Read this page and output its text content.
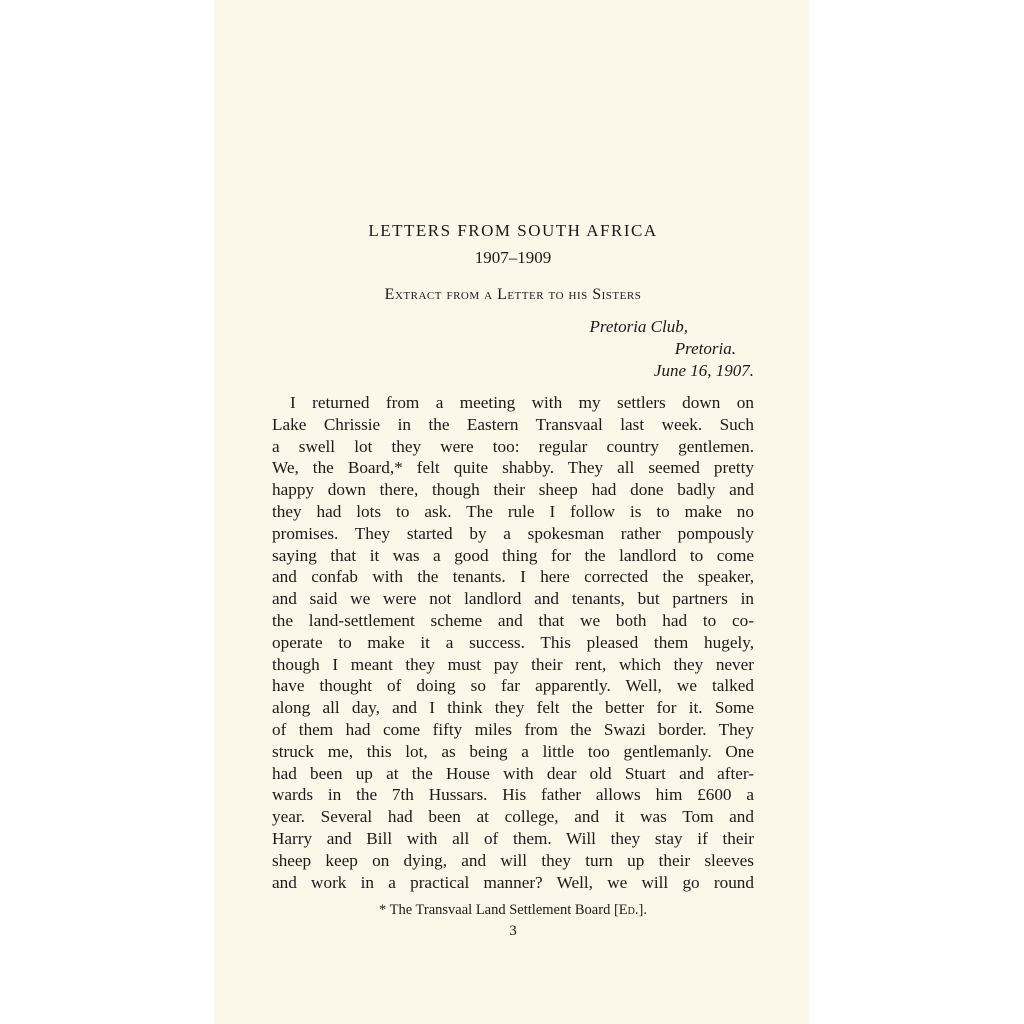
LETTERS FROM SOUTH AFRICA

1907–1909

Extract from a Letter to his Sisters

Pretoria Club,
Pretoria.
June 16, 1907.
I returned from a meeting with my settlers down on
Lake Chrissie in the Eastern Transvaal last week. Such
a swell lot they were too: regular country gentlemen.
We, the Board,* felt quite shabby. They all seemed pretty
happy down there, though their sheep had done badly and
they had lots to ask. The rule I follow is to make no
promises. They started by a spokesman rather pompously
saying that it was a good thing for the landlord to come
and confab with the tenants. I here corrected the speaker,
and said we were not landlord and tenants, but partners in
the land-settlement scheme and that we both had to co-
operate to make it a success. This pleased them hugely,
though I meant they must pay their rent, which they never
have thought of doing so far apparently. Well, we talked
along all day, and I think they felt the better for it. Some
of them had come fifty miles from the Swazi border. They
struck me, this lot, as being a little too gentlemanly. One
had been up at the House with dear old Stuart and after-
wards in the 7th Hussars. His father allows him £600 a
year. Several had been at college, and it was Tom and
Harry and Bill with all of them. Will they stay if their
sheep keep on dying, and will they turn up their sleeves
and work in a practical manner? Well, we will go round
* The Transvaal Land Settlement Board [Ed.].
3
